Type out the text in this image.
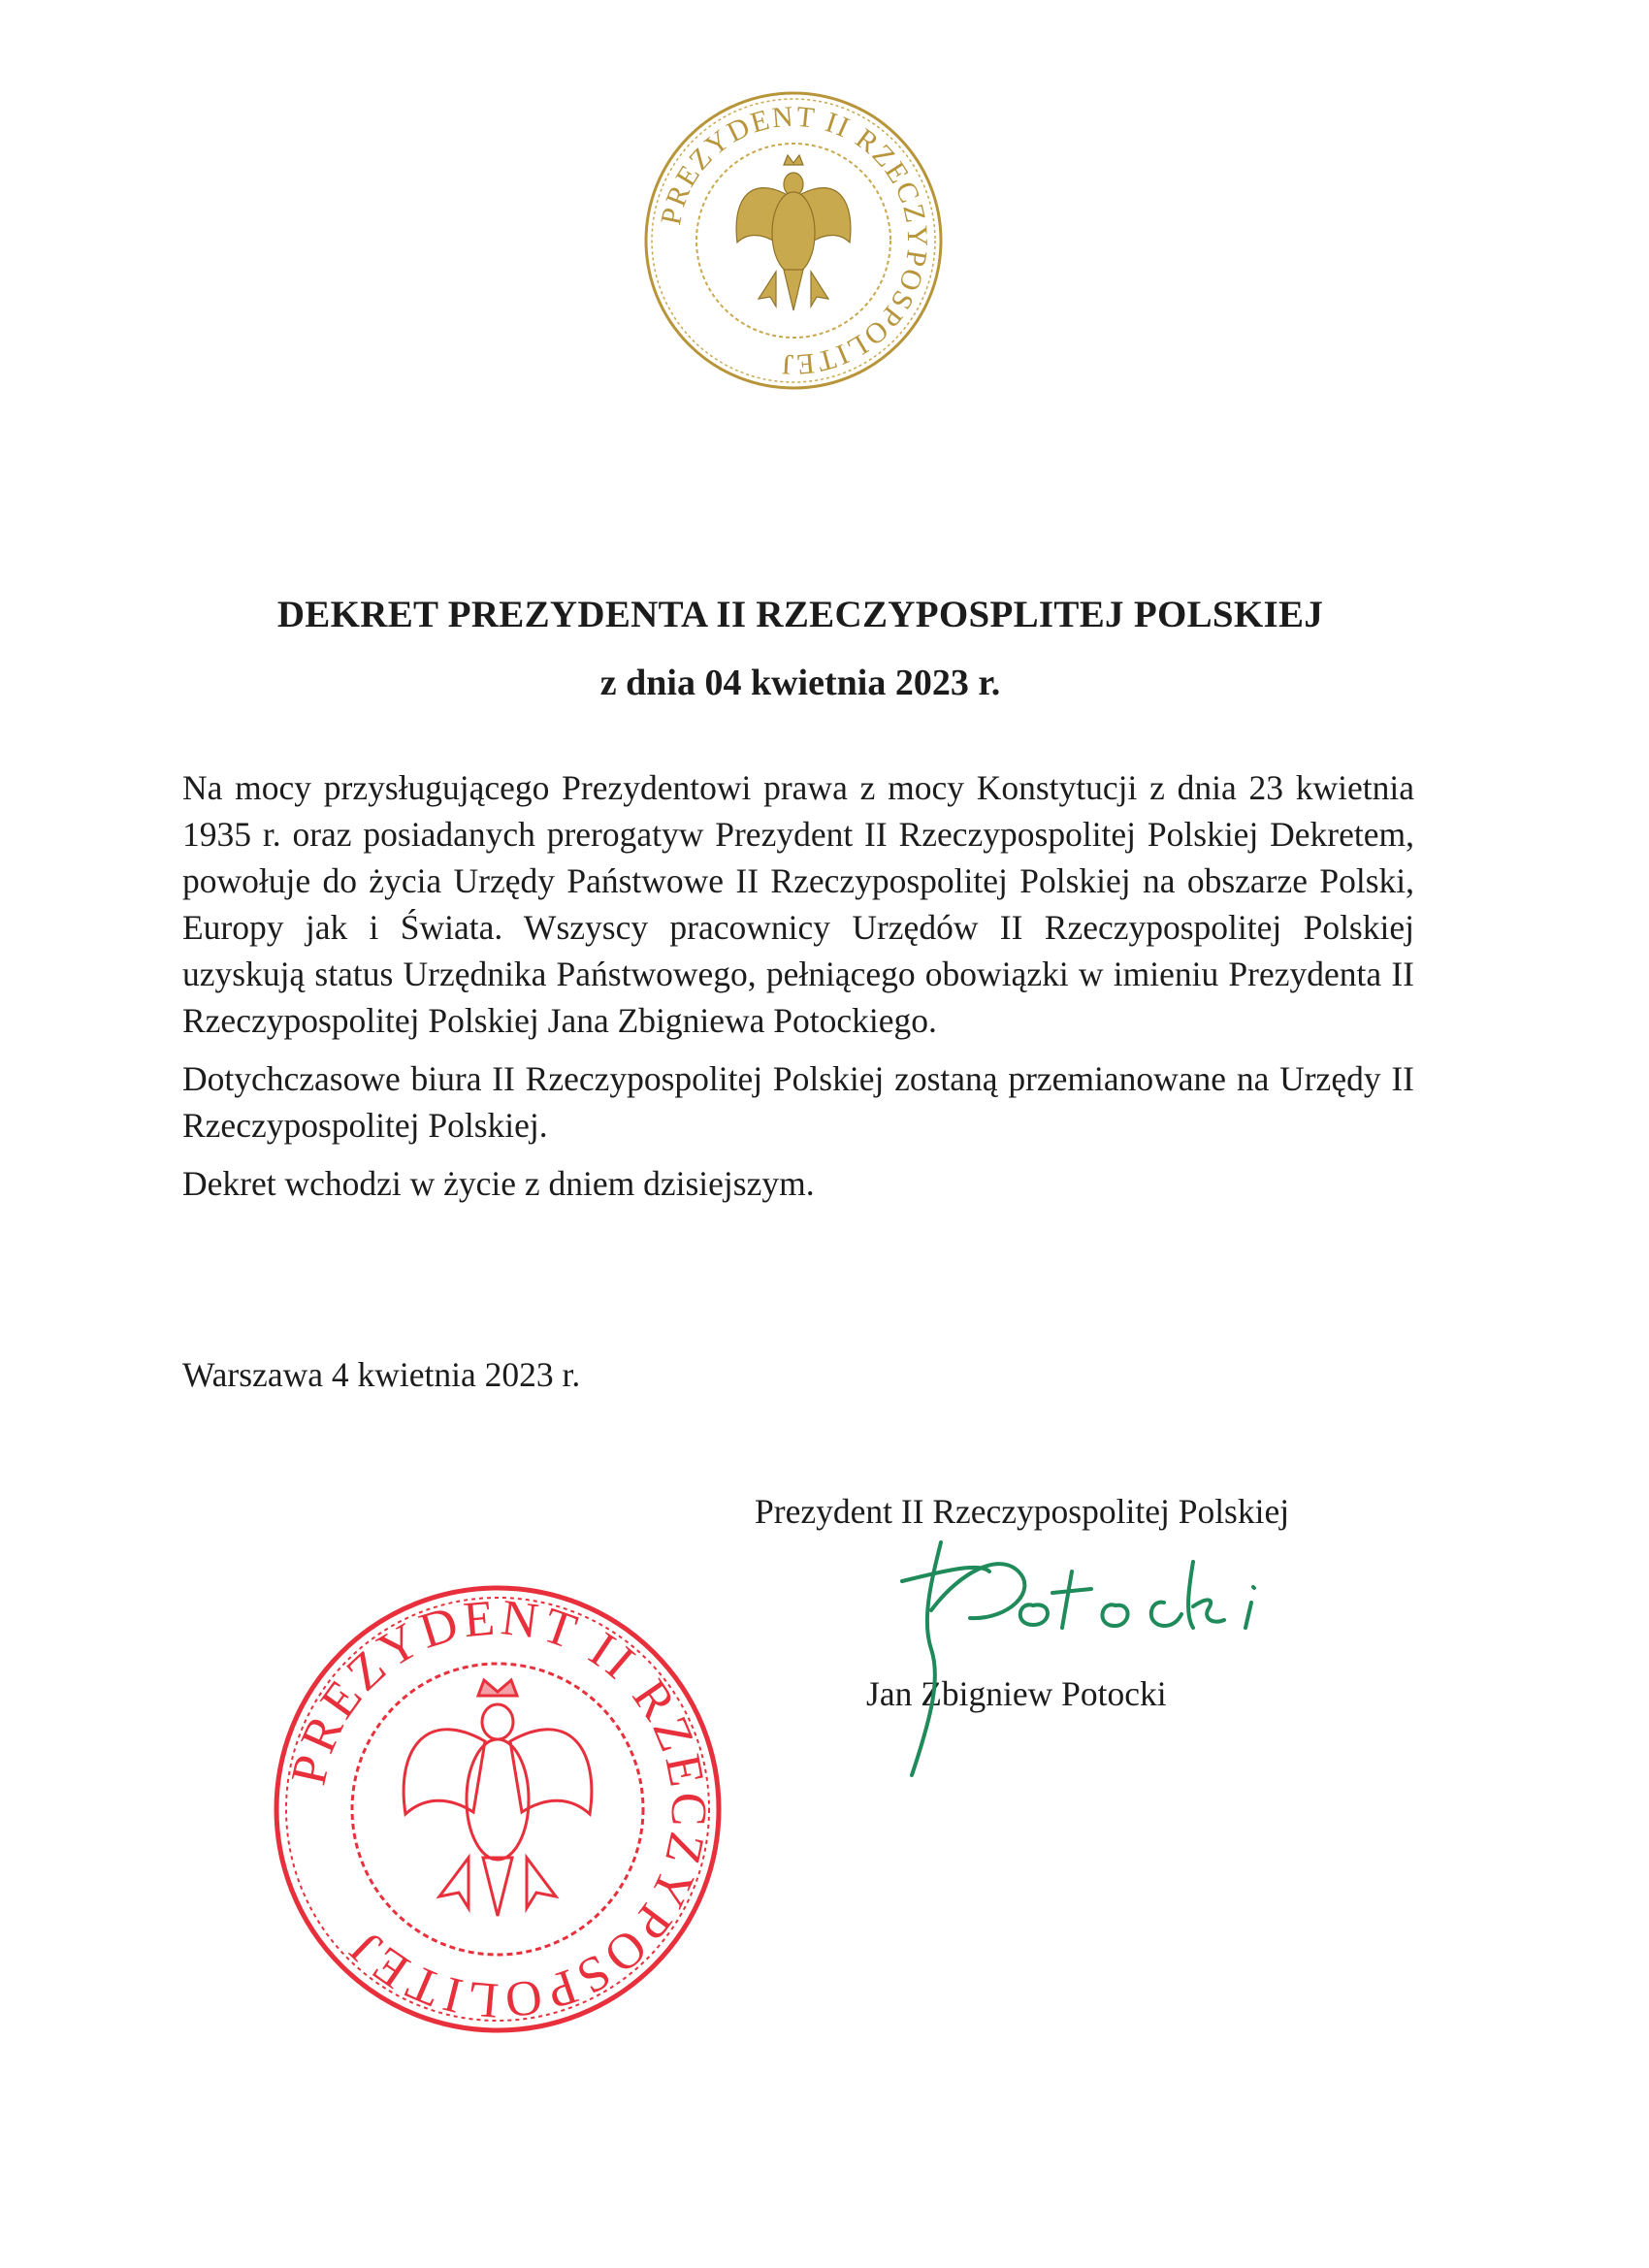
PREZYDENT II RZECZYPOSPOLITEJ
DEKRET PREZYDENTA II RZECZYPOSPLITEJ POLSKIEJ
z dnia 04 kwietnia 2023 r.

Na mocy przysługującego Prezydentowi prawa z mocy Konstytucji z dnia 23 kwietnia 1935 r. oraz posiadanych prerogatyw Prezydent II Rzeczypospolitej Polskiej Dekretem, powołuje do życia Urzędy Państwowe II Rzeczypospolitej Polskiej na obszarze Polski, Europy jak i Świata. Wszyscy pracownicy Urzędów II Rzeczypospolitej Polskiej uzyskują status Urzędnika Państwowego, pełniącego obowiązki w imieniu Prezydenta II Rzeczypospolitej Polskiej Jana Zbigniewa Potockiego.

Dotychczasowe biura II Rzeczypospolitej Polskiej zostaną przemianowane na Urzędy II Rzeczypospolitej Polskiej.

Dekret wchodzi w życie z dniem dzisiejszym.

Warszawa 4 kwietnia 2023 r.
Prezydent II Rzeczypospolitej Polskiej
Jan Zbigniew Potocki
PREZYDENT II RZECZYPOSPOLITEJ
